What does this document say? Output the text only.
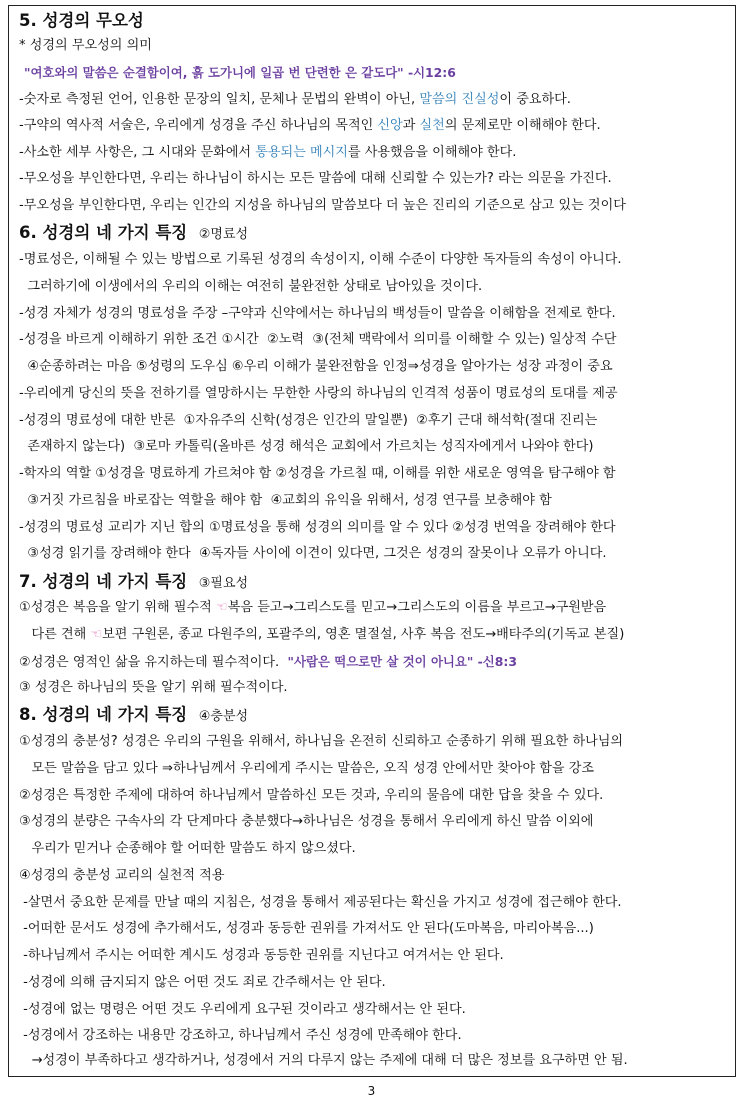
5. 성경의 무오성
* 성경의 무오성의 의미
"여호와의 말씀은 순결함이여, 흙 도가니에 일곱 번 단련한 은 같도다" -시12:6
-숫자로 측정된 언어, 인용한 문장의 일치, 문체나 문법의 완벽이 아닌, 말씀의 진실성이 중요하다.
-구약의 역사적 서술은, 우리에게 성경을 주신 하나님의 목적인 신앙과 실천의 문제로만 이해해야 한다.
-사소한 세부 사항은, 그 시대와 문화에서 통용되는 메시지를 사용했음을 이해해야 한다.
-무오성을 부인한다면, 우리는 하나님이 하시는 모든 말씀에 대해 신뢰할 수 있는가? 라는 의문을 가진다.
-무오성을 부인한다면, 우리는 인간의 지성을 하나님의 말씀보다 더 높은 진리의 기준으로 삼고 있는 것이다
6. 성경의 네 가지 특징 ②명료성
-명료성은, 이해될 수 있는 방법으로 기록된 성경의 속성이지, 이해 수준이 다양한 독자들의 속성이 아니다.
그러하기에 이생에서의 우리의 이해는 여전히 불완전한 상태로 남아있을 것이다.
-성경 자체가 성경의 명료성을 주장 –구약과 신약에서는 하나님의 백성들이 말씀을 이해함을 전제로 한다.
-성경을 바르게 이해하기 위한 조건 ①시간  ②노력  ③(전체 맥락에서 의미를 이해할 수 있는) 일상적 수단
④순종하려는 마음 ⑤성령의 도우심 ⑥우리 이해가 불완전함을 인정⇒성경을 알아가는 성장 과정이 중요
-우리에게 당신의 뜻을 전하기를 열망하시는 무한한 사랑의 하나님의 인격적 성품이 명료성의 토대를 제공
-성경의 명료성에 대한 반론  ①자유주의 신학(성경은 인간의 말일뿐)  ②후기 근대 해석학(절대 진리는
존재하지 않는다)  ③로마 카톨릭(올바른 성경 해석은 교회에서 가르치는 성직자에게서 나와야 한다)
-학자의 역할 ①성경을 명료하게 가르쳐야 함 ②성경을 가르칠 때, 이해를 위한 새로운 영역을 탐구해야 함
③거짓 가르침을 바로잡는 역할을 해야 함  ④교회의 유익을 위해서, 성경 연구를 보충해야 함
-성경의 명료성 교리가 지닌 합의 ①명료성을 통해 성경의 의미를 알 수 있다 ②성경 번역을 장려해야 한다
③성경 읽기를 장려해야 한다  ④독자들 사이에 이견이 있다면, 그것은 성경의 잘못이나 오류가 아니다.
7. 성경의 네 가지 특징 ③필요성
①성경은 복음을 알기 위해 필수적 ☜복음 듣고→그리스도를 믿고→그리스도의 이름을 부르고→구원받음
다른 견해 ☜보편 구원론, 종교 다원주의, 포괄주의, 영혼 멸절설, 사후 복음 전도→배타주의(기독교 본질)
②성경은 영적인 삶을 유지하는데 필수적이다.  "사람은 떡으로만 살 것이 아니요" -신8:3
③ 성경은 하나님의 뜻을 알기 위해 필수적이다.
8. 성경의 네 가지 특징 ④충분성
①성경의 충분성? 성경은 우리의 구원을 위해서, 하나님을 온전히 신뢰하고 순종하기 위해 필요한 하나님의
모든 말씀을 담고 있다 ⇒하나님께서 우리에게 주시는 말씀은, 오직 성경 안에서만 찾아야 함을 강조
②성경은 특정한 주제에 대하여 하나님께서 말씀하신 모든 것과, 우리의 물음에 대한 답을 찾을 수 있다.
③성경의 분량은 구속사의 각 단계마다 충분했다→하나님은 성경을 통해서 우리에게 하신 말씀 이외에
우리가 믿거나 순종해야 할 어떠한 말씀도 하지 않으셨다.
④성경의 충분성 교리의 실천적 적용
-살면서 중요한 문제를 만날 때의 지침은, 성경을 통해서 제공된다는 확신을 가지고 성경에 접근해야 한다.
-어떠한 문서도 성경에 추가해서도, 성경과 동등한 권위를 가져서도 안 된다(도마복음, 마리아복음...)
-하나님께서 주시는 어떠한 계시도 성경과 동등한 권위를 지닌다고 여겨서는 안 된다.
-성경에 의해 금지되지 않은 어떤 것도 죄로 간주해서는 안 된다.
-성경에 없는 명령은 어떤 것도 우리에게 요구된 것이라고 생각해서는 안 된다.
-성경에서 강조하는 내용만 강조하고, 하나님께서 주신 성경에 만족해야 한다.
→성경이 부족하다고 생각하거나, 성경에서 거의 다루지 않는 주제에 대해 더 많은 정보를 요구하면 안 됨.
3
